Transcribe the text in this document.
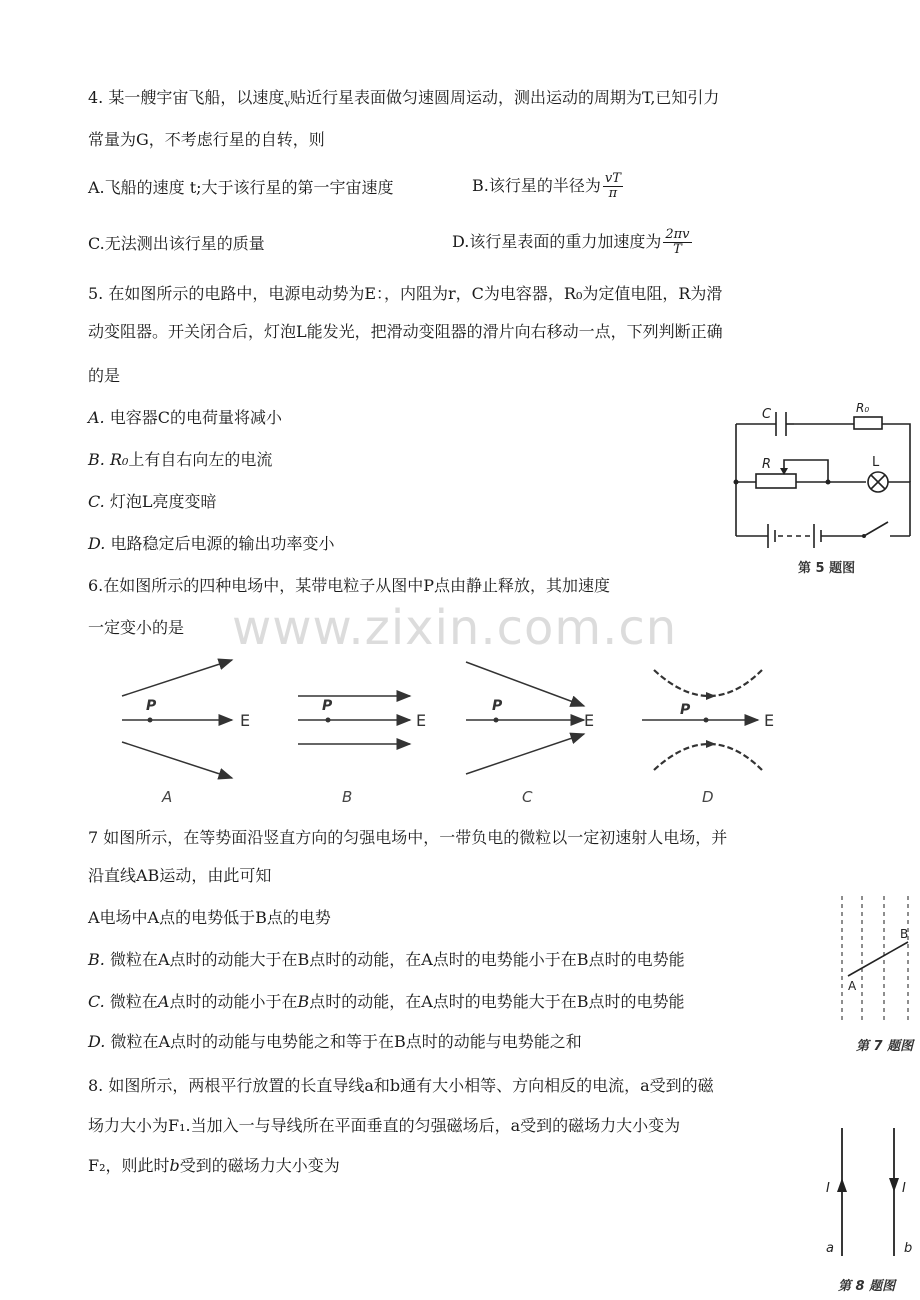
4. 某一艘宇宙飞船，以速度$_v$贴近行星表面做匀速圆周运动，测出运动的周期为T,已知引力
常量为G，不考虑行星的自转，则
A.飞船的速度 t;大于该行星的第一宇宙速度	B.该行星的半径为 $\frac{vT}{\pi}$
C.无法测出该行星的质量	D.该行星表面的重力加速度为 $\frac{2\pi v}{T}$
5. 在如图所示的电路中，电源电动势为E：，内阻为r，C为电容器，R₀为定值电阻，R为滑
动变阻器。开关闭合后，灯泡L能发光，把滑动变阻器的滑片向右移动一点，下列判断正确
的是
A. 电容器C的电荷量将减小
B. R₀上有自右向左的电流
C. 灯泡L亮度变暗
D. 电路稳定后电源的输出功率变小
C	R₀
R	L
第 5 题图
6.在如图所示的四种电场中，某带电粒子从图中P点由静止释放，其加速度
一定变小的是 www.zixin.com.cn
P
E
P
E
P
E
P
E
A	B	C	D
7 如图所示，在等势面沿竖直方向的匀强电场中，一带负电的微粒以一定初速射人电场，并
沿直线AB运动，由此可知
A电场中A点的电势低于B点的电势
B. 微粒在A点时的动能大于在B点时的动能，在A点时的电势能小于在B点时的电势能
C. 微粒在A点时的动能小于在B点时的动能，在A点时的电势能大于在B点时的电势能
D. 微粒在A点时的动能与电势能之和等于在B点时的动能与电势能之和
A
B
第 7 题图
8. 如图所示，两根平行放置的长直导线a和b通有大小相等、方向相反的电流，a受到的磁
场力大小为F₁.当加入一与导线所在平面垂直的匀强磁场后，a受到的磁场力大小变为
F₂，则此时b受到的磁场力大小变为
I	I
a	b
第 8 题图
